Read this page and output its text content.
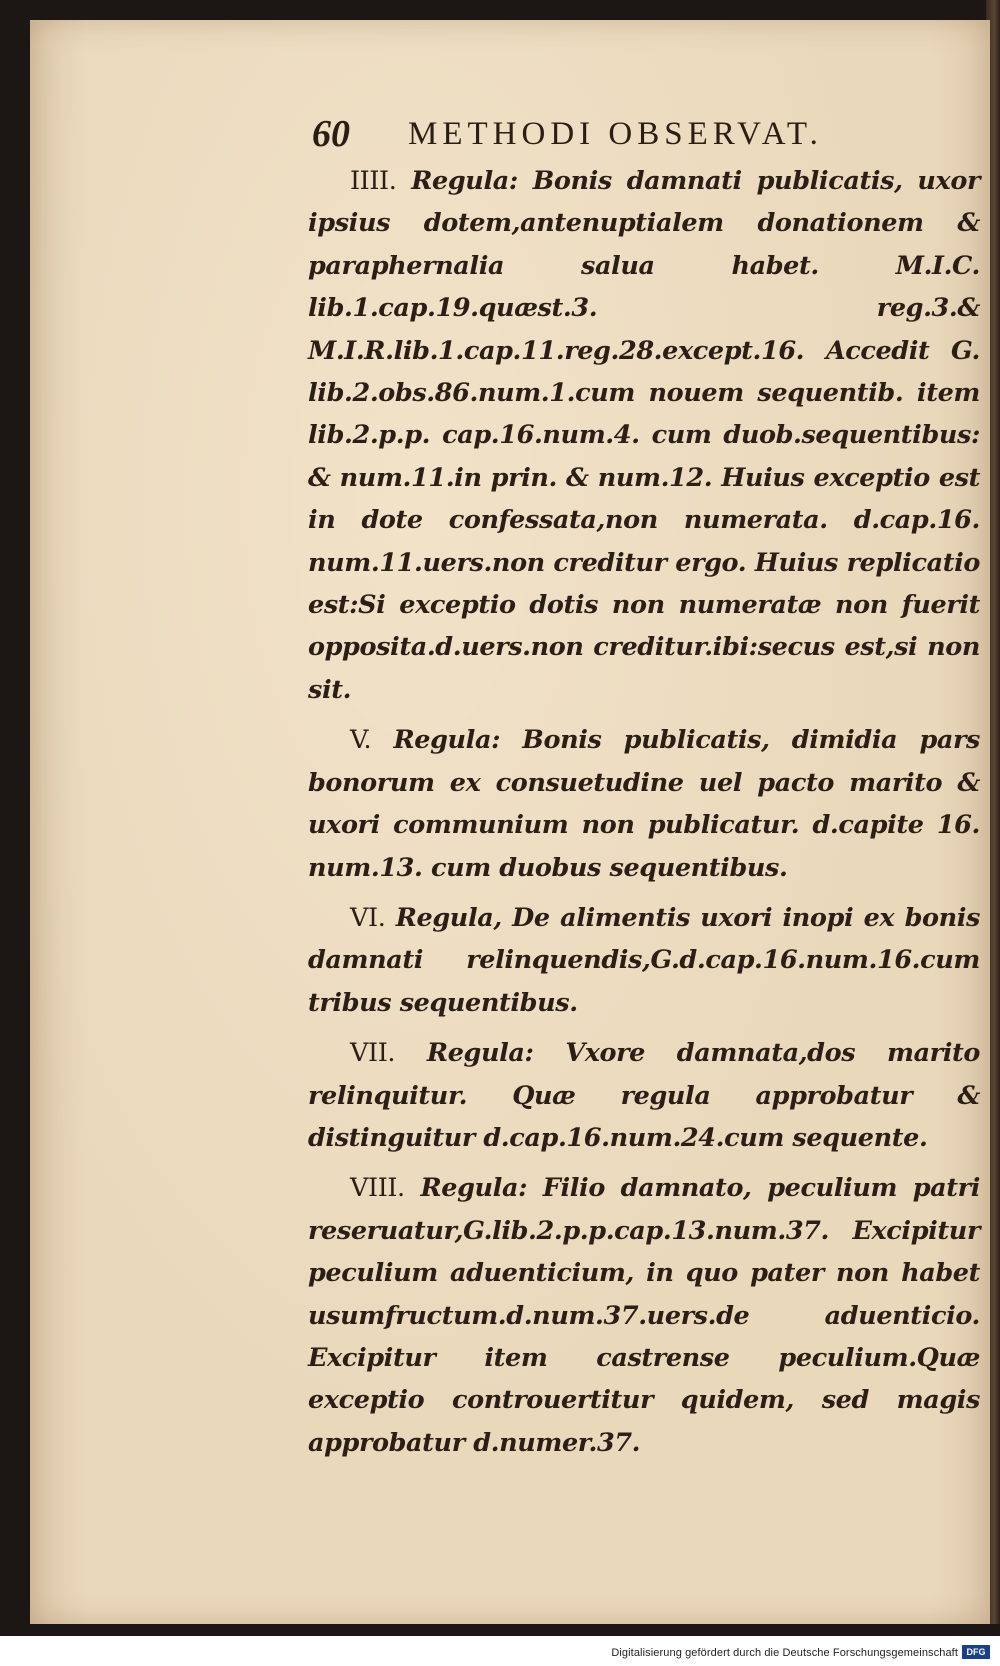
60 METHODI OBSERVAT.

IIII. Regula: Bonis damnati publicatis, uxor ipsius dotem,antenuptialem donationem & paraphernalia salua habet. M.I.C. lib.1.cap.19.quæst.3. reg.3.& M.I.R.lib.1.cap.11.reg.28.except.16. Accedit G. lib.2.obs.86.num.1.cum nouem sequentib. item lib.2.p.p. cap.16.num.4. cum duob.sequentibus: & num.11.in prin. & num.12. Huius exceptio est in dote confessata,non numerata. d.cap.16. num.11.uers.non creditur ergo. Huius replicatio est:Si exceptio dotis non numeratæ non fuerit opposita.d.uers.non creditur.ibi:secus est,si non sit.

V. Regula: Bonis publicatis, dimidia pars bonorum ex consuetudine uel pacto marito & uxori communium non publicatur. d.capite 16. num.13. cum duobus sequentibus.

VI. Regula, De alimentis uxori inopi ex bonis damnati relinquendis,G.d.cap.16.num.16.cum tribus sequentibus.

VII. Regula: Vxore damnata,dos marito relinquitur. Quæ regula approbatur & distinguitur d.cap.16.num.24.cum sequente.

VIII. Regula: Filio damnato, peculium patri reseruatur,G.lib.2.p.p.cap.13.num.37. Excipitur peculium aduenticium, in quo pater non habet usumfructum.d.num.37.uers.de aduenticio. Excipitur item castrense peculium.Quæ exceptio controuertitur quidem, sed magis approbatur d.numer.37.

Digitalisierung gefördert durch die Deutsche Forschungsgemeinschaft DFG
